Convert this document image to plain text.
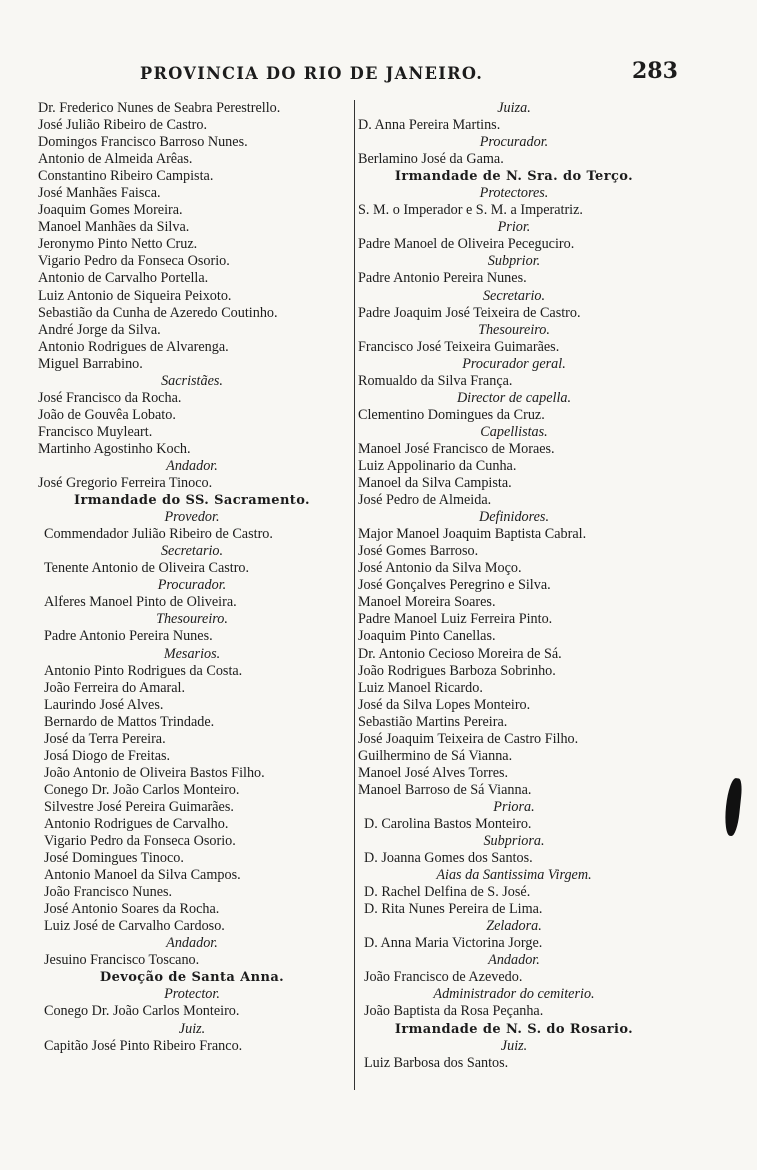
PROVINCIA DO RIO DE JANEIRO.	283
Dr. Frederico Nunes de Seabra Perestrello.
José Julião Ribeiro de Castro.
Domingos Francisco Barroso Nunes.
Antonio de Almeida Arêas.
Constantino Ribeiro Campista.
José Manhães Faisca.
Joaquim Gomes Moreira.
Manoel Manhães da Silva.
Jeronymo Pinto Netto Cruz.
Vigario Pedro da Fonseca Osorio.
Antonio de Carvalho Portella.
Luiz Antonio de Siqueira Peixoto.
Sebastião da Cunha de Azeredo Coutinho.
André Jorge da Silva.
Antonio Rodrigues de Alvarenga.
Miguel Barrabino.
Sacristães.
José Francisco da Rocha.
João de Gouvêa Lobato.
Francisco Muyleart.
Martinho Agostinho Koch.
Andador.
José Gregorio Ferreira Tinoco.
Irmandade do SS. Sacramento.
Provedor.
Commendador Julião Ribeiro de Castro.
Secretario.
Tenente Antonio de Oliveira Castro.
Procurador.
Alferes Manoel Pinto de Oliveira.
Thesoureiro.
Padre Antonio Pereira Nunes.
Mesarios.
Antonio Pinto Rodrigues da Costa.
João Ferreira do Amaral.
Laurindo José Alves.
Bernardo de Mattos Trindade.
José da Terra Pereira.
Josá Diogo de Freitas.
João Antonio de Oliveira Bastos Filho.
Conego Dr. João Carlos Monteiro.
Silvestre José Pereira Guimarães.
Antonio Rodrigues de Carvalho.
Vigario Pedro da Fonseca Osorio.
José Domingues Tinoco.
Antonio Manoel da Silva Campos.
João Francisco Nunes.
José Antonio Soares da Rocha.
Luiz José de Carvalho Cardoso.
Andador.
Jesuino Francisco Toscano.
Devoção de Santa Anna.
Protector.
Conego Dr. João Carlos Monteiro.
Juiz.
Capitão José Pinto Ribeiro Franco.
Juiza.
D. Anna Pereira Martins.
Procurador.
Berlamino José da Gama.
Irmandade de N. Sra. do Terço.
Protectores.
S. M. o Imperador e S. M. a Imperatriz.
Prior.
Padre Manoel de Oliveira Peceguciro.
Subprior.
Padre Antonio Pereira Nunes.
Secretario.
Padre Joaquim José Teixeira de Castro.
Thesoureiro.
Francisco José Teixeira Guimarães.
Procurador geral.
Romualdo da Silva França.
Director de capella.
Clementino Domingues da Cruz.
Capellistas.
Manoel José Francisco de Moraes.
Luiz Appolinario da Cunha.
Manoel da Silva Campista.
José Pedro de Almeida.
Definidores.
Major Manoel Joaquim Baptista Cabral.
José Gomes Barroso.
José Antonio da Silva Moço.
José Gonçalves Peregrino e Silva.
Manoel Moreira Soares.
Padre Manoel Luiz Ferreira Pinto.
Joaquim Pinto Canellas.
Dr. Antonio Cecioso Moreira de Sá.
João Rodrigues Barboza Sobrinho.
Luiz Manoel Ricardo.
José da Silva Lopes Monteiro.
Sebastião Martins Pereira.
José Joaquim Teixeira de Castro Filho.
Guilhermino de Sá Vianna.
Manoel José Alves Torres.
Manoel Barroso de Sá Vianna.
Priora.
D. Carolina Bastos Monteiro.
Subpriora.
D. Joanna Gomes dos Santos.
Aias da Santissima Virgem.
D. Rachel Delfina de S. José.
D. Rita Nunes Pereira de Lima.
Zeladora.
D. Anna Maria Victorina Jorge.
Andador.
João Francisco de Azevedo.
Administrador do cemiterio.
João Baptista da Rosa Peçanha.
Irmandade de N. S. do Rosario.
Juiz.
Luiz Barbosa dos Santos.
